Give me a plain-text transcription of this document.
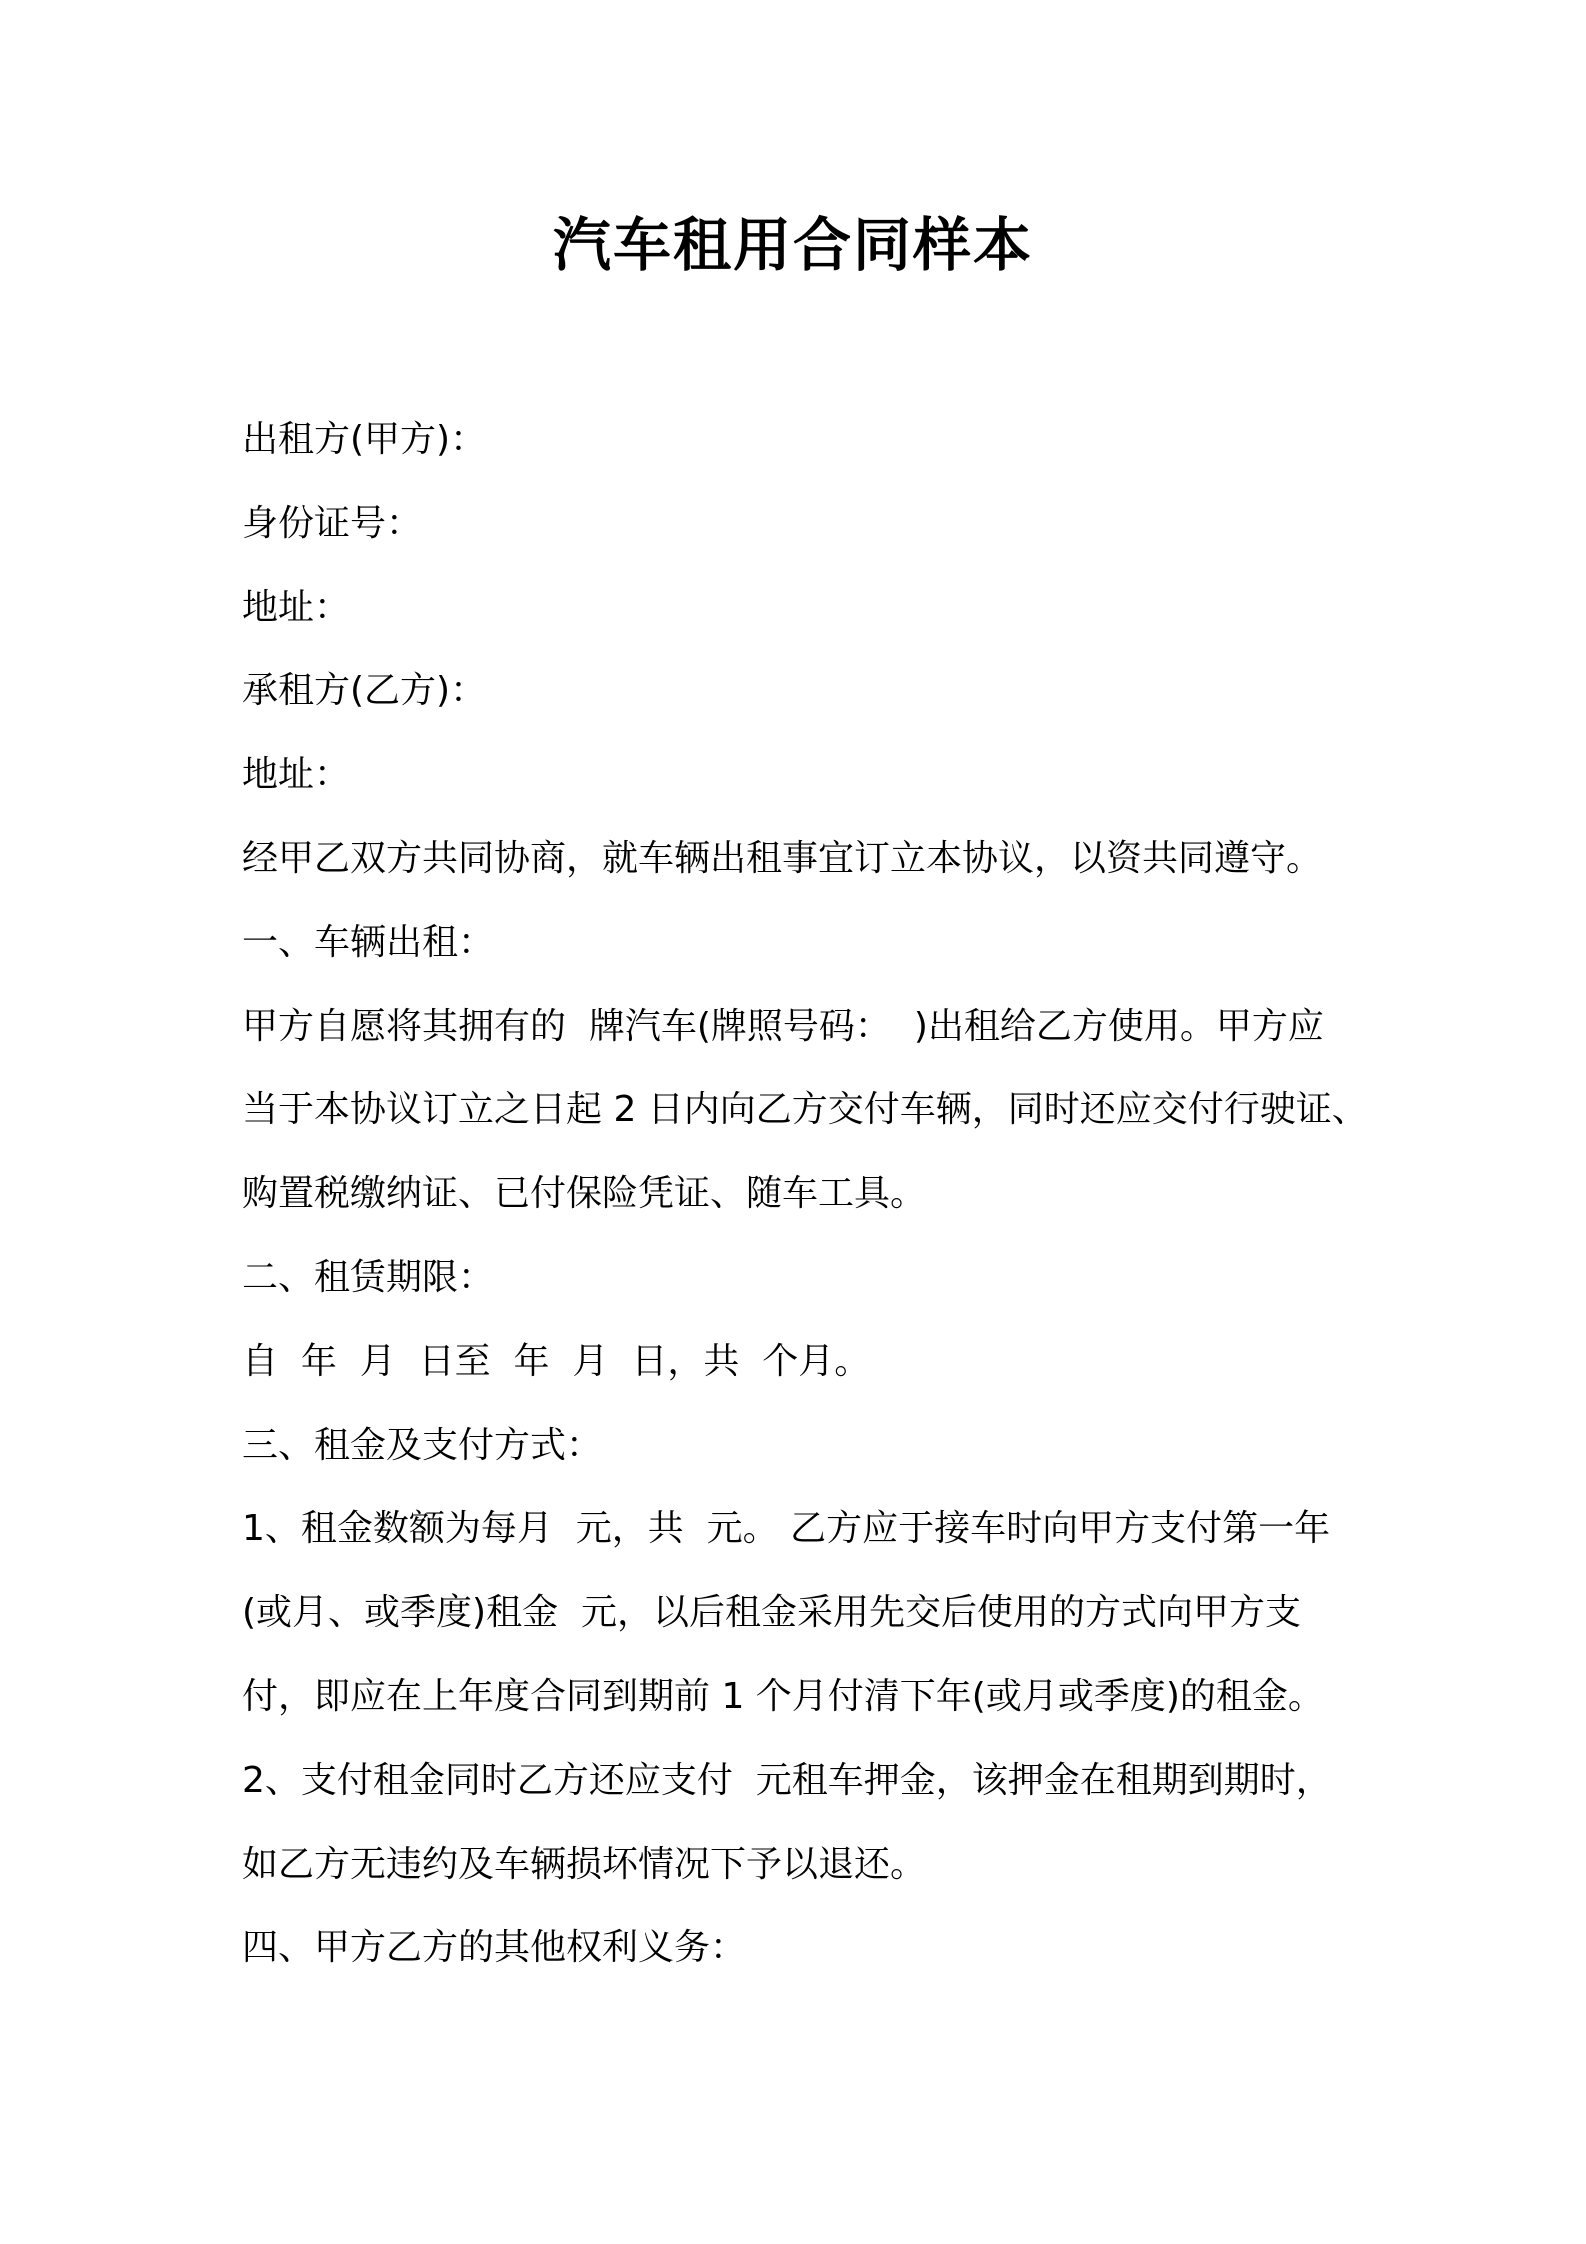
汽车租用合同样本
出租方(甲方)：
身份证号：
地址：
承租方(乙方)：
地址：
经甲乙双方共同协商，就车辆出租事宜订立本协议，以资共同遵守。
一、车辆出租：
甲方自愿将其拥有的  牌汽车(牌照号码：  )出租给乙方使用。甲方应
当于本协议订立之日起 2 日内向乙方交付车辆，同时还应交付行驶证、
购置税缴纳证、已付保险凭证、随车工具。
二、租赁期限：
自  年  月  日至  年  月  日，共  个月。
三、租金及支付方式：
1、租金数额为每月  元，共  元。 乙方应于接车时向甲方支付第一年
(或月、或季度)租金  元，以后租金采用先交后使用的方式向甲方支
付，即应在上年度合同到期前 1 个月付清下年(或月或季度)的租金。
2、支付租金同时乙方还应支付  元租车押金，该押金在租期到期时，
如乙方无违约及车辆损坏情况下予以退还。
四、甲方乙方的其他权利义务：
